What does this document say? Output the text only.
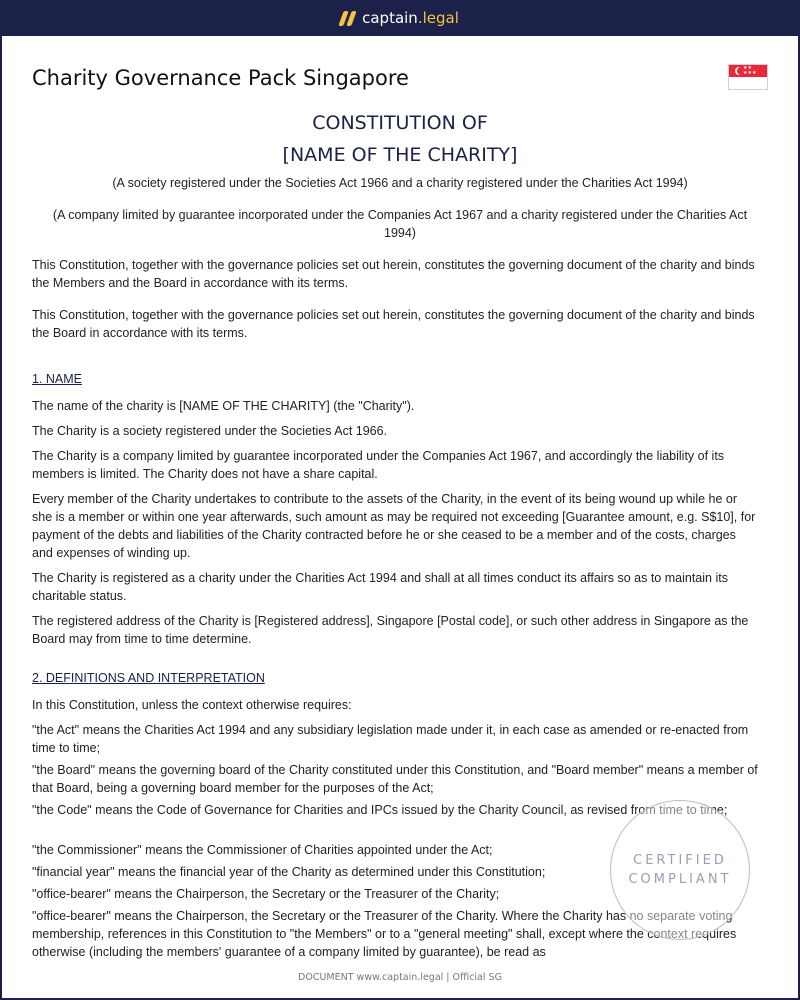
captain.legal
Charity Governance Pack Singapore	★★
★★★
CONSTITUTION OF
[NAME OF THE CHARITY]
(A society registered under the Societies Act 1966 and a charity registered under the Charities Act 1994)
(A company limited by guarantee incorporated under the Companies Act 1967 and a charity registered under the Charities Act 1994)
This Constitution, together with the governance policies set out herein, constitutes the governing document of the charity and binds the Members and the Board in accordance with its terms.
This Constitution, together with the governance policies set out herein, constitutes the governing document of the charity and binds the Board in accordance with its terms.
1. NAME
The name of the charity is [NAME OF THE CHARITY] (the "Charity").
The Charity is a society registered under the Societies Act 1966.
The Charity is a company limited by guarantee incorporated under the Companies Act 1967, and accordingly the liability of its members is limited. The Charity does not have a share capital.
Every member of the Charity undertakes to contribute to the assets of the Charity, in the event of its being wound up while he or she is a member or within one year afterwards, such amount as may be required not exceeding [Guarantee amount, e.g. S$10], for payment of the debts and liabilities of the Charity contracted before he or she ceased to be a member and of the costs, charges and expenses of winding up.
The Charity is registered as a charity under the Charities Act 1994 and shall at all times conduct its affairs so as to maintain its charitable status.
The registered address of the Charity is [Registered address], Singapore [Postal code], or such other address in Singapore as the Board may from time to time determine.
2. DEFINITIONS AND INTERPRETATION
In this Constitution, unless the context otherwise requires:
"the Act" means the Charities Act 1994 and any subsidiary legislation made under it, in each case as amended or re-enacted from time to time;
"the Board" means the governing board of the Charity constituted under this Constitution, and "Board member" means a member of that Board, being a governing board member for the purposes of the Act;
"the Code" means the Code of Governance for Charities and IPCs issued by the Charity Council, as revised from time to time;
"the Commissioner" means the Commissioner of Charities appointed under the Act;
"financial year" means the financial year of the Charity as determined under this Constitution;
"office-bearer" means the Chairperson, the Secretary or the Treasurer of the Charity;
"office-bearer" means the Chairperson, the Secretary or the Treasurer of the Charity. Where the Charity has no separate voting membership, references in this Constitution to "the Members" or to a "general meeting" shall, except where the context requires otherwise (including the members' guarantee of a company limited by guarantee), be read as
CERTIFIED
COMPLIANT
DOCUMENT www.captain.legal | Official SG
